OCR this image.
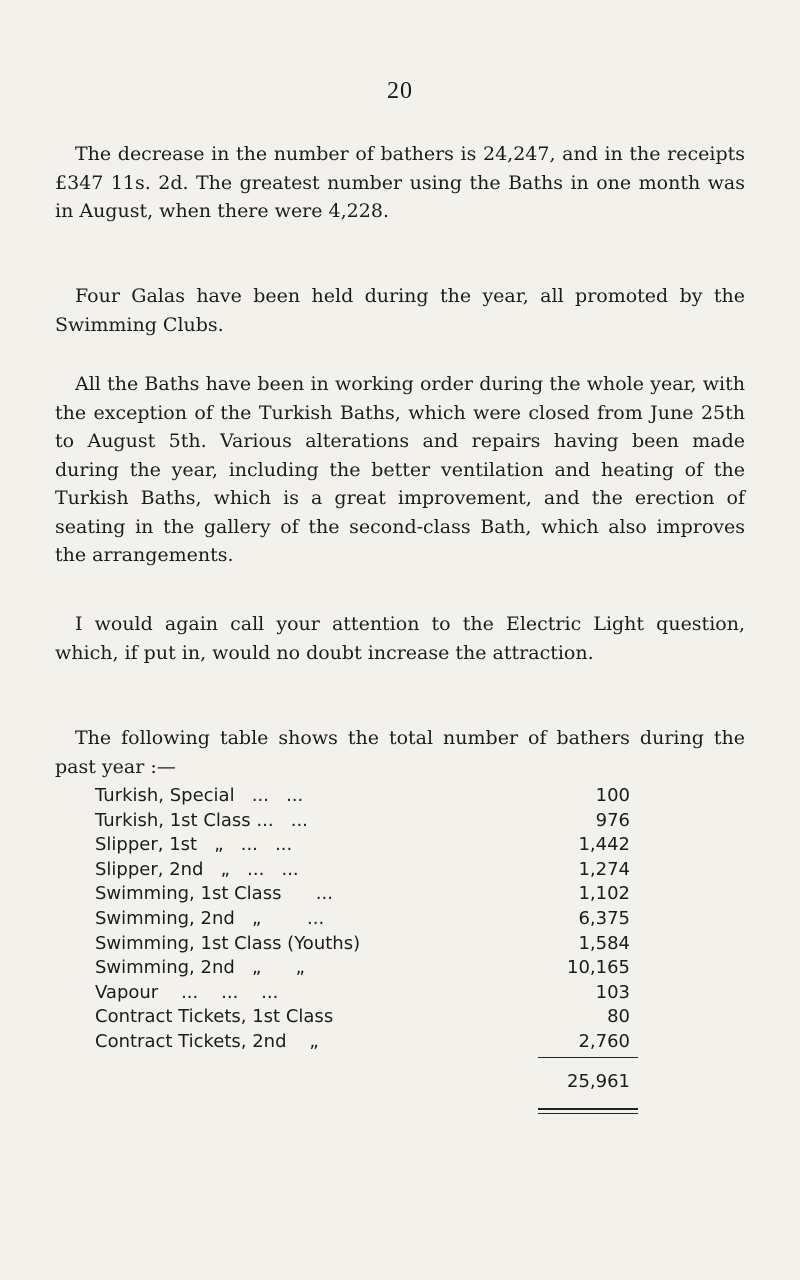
20

The decrease in the number of bathers is 24,247, and in the receipts £347 11s. 2d. The greatest number using the Baths in one month was in August, when there were 4,228.

Four Galas have been held during the year, all promoted by the Swimming Clubs.

All the Baths have been in working order during the whole year, with the exception of the Turkish Baths, which were closed from June 25th to August 5th. Various alterations and repairs having been made during the year, including the better ventilation and heating of the Turkish Baths, which is a great improvement, and the erection of seating in the gallery of the second-class Bath, which also improves the arrangements.

I would again call your attention to the Electric Light question, which, if put in, would no doubt increase the attraction.

The following table shows the total number of bathers during the past year :—

Turkish, Special   ...   ...	100
Turkish, 1st Class ...   ...	976
Slipper, 1st   „   ...   ...	1,442
Slipper, 2nd   „   ...   ...	1,274
Swimming, 1st Class      ...	1,102
Swimming, 2nd   „        ...	6,375
Swimming, 1st Class (Youths)	1,584
Swimming, 2nd   „      „	10,165
Vapour    ...    ...    ...	103
Contract Tickets, 1st Class	80
Contract Tickets, 2nd    „	2,760
25,961
